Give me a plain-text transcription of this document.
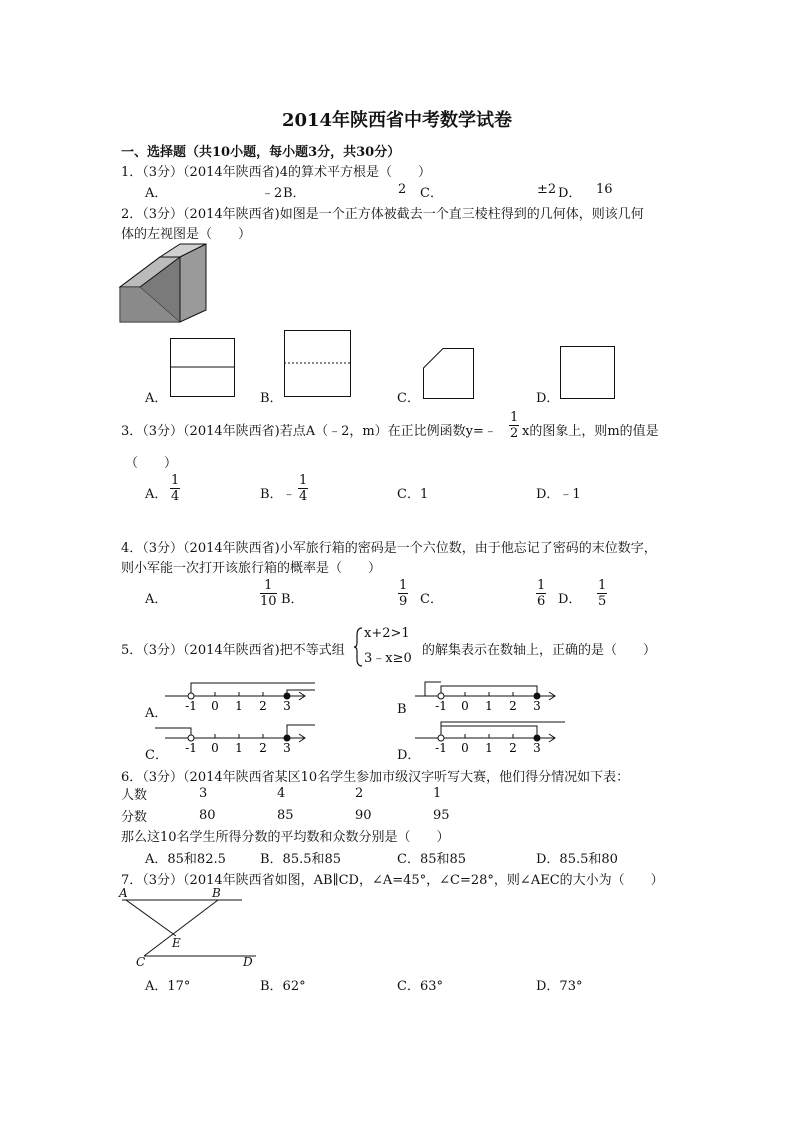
2014年陕西省中考数学试卷
一、选择题（共10小题，每小题3分，共30分）
1．（3分）（2014年陕西省)4的算术平方根是（　　）
A．	﹣2 B．	2 C．	±2 D． 16
2．（3分）（2014年陕西省)如图是一个正方体被截去一个直三棱柱得到的几何体，则该几何
体的左视图是（　　）
A．	B．	C．	D．
3．（3分）（2014年陕西省)若点A（﹣2，m）在正比例函数y=﹣ $\frac{1}{2}$ x的图象上，则m的值是
（　　）
A． $\frac{1}{4}$	B．﹣ $\frac{1}{4}$	C．1	D．﹣1
4．（3分）（2014年陕西省)小军旅行箱的密码是一个六位数，由于他忘记了密码的末位数字，
则小军能一次打开该旅行箱的概率是（　　）
A．	$\frac{1}{10}$ B．	$\frac{1}{9}$ C．	$\frac{1}{6}$ D． $\frac{1}{5}$
5．（3分）（2014年陕西省)把不等式组
x+2>1
3﹣x≥0
的解集表示在数轴上，正确的是（　　）
-1 0 1 2 3	-1 0 1 2 3
-1 0 1 2 3	-1 0 1 2 3
A．	B
C．	D．
6．（3分）（2014年陕西省某区10名学生参加市级汉字听写大赛，他们得分情况如下表：
人数	3	4	2	1
分数	80	85	90	95
那么这10名学生所得分数的平均数和众数分别是（　　）
A．85和82.5	B．85.5和85	C．85和85	D．85.5和80
7．（3分）（2014年陕西省如图，AB∥CD，∠A=45°，∠C=28°，则∠AEC的大小为（　　）
A	B
E
C	D
A．17°	B．62°	C．63°	D．73°
